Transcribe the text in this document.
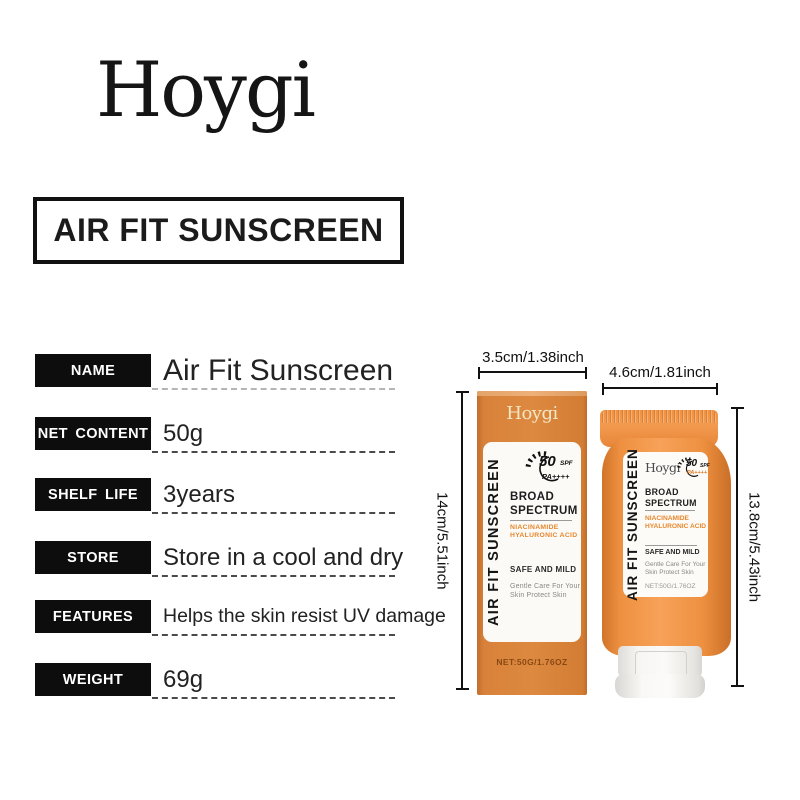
Hoygi
AIR FIT SUNSCREEN
NAME	Air Fit Sunscreen
NET CONTENT 50g
SHELF LIFE	3years
STORE	Store in a cool and dry
FEATURES	Helps the skin resist UV damage
WEIGHT	69g
3.5cm/1.38inch
4.6cm/1.81inch
14cm/5.51inch	13.8cm/5.43inch
Hoygi
AIR FIT SUNSCREEN 50 SPF
PA++++
BROAD
SPECTRUM
NIACINAMIDE
HYALURONIC ACID
SAFE AND MILD
Gentle Care For Your
Skin Protect Skin
NET:50G/1.76OZ
AIR FIT SUNSCREEN Hoygi 50 SPF
PA++++
BROAD
SPECTRUM
NIACINAMIDE
HYALURONIC ACID
SAFE AND MILD
Gentle Care For Your
Skin Protect Skin
NET:50G/1.76OZ
